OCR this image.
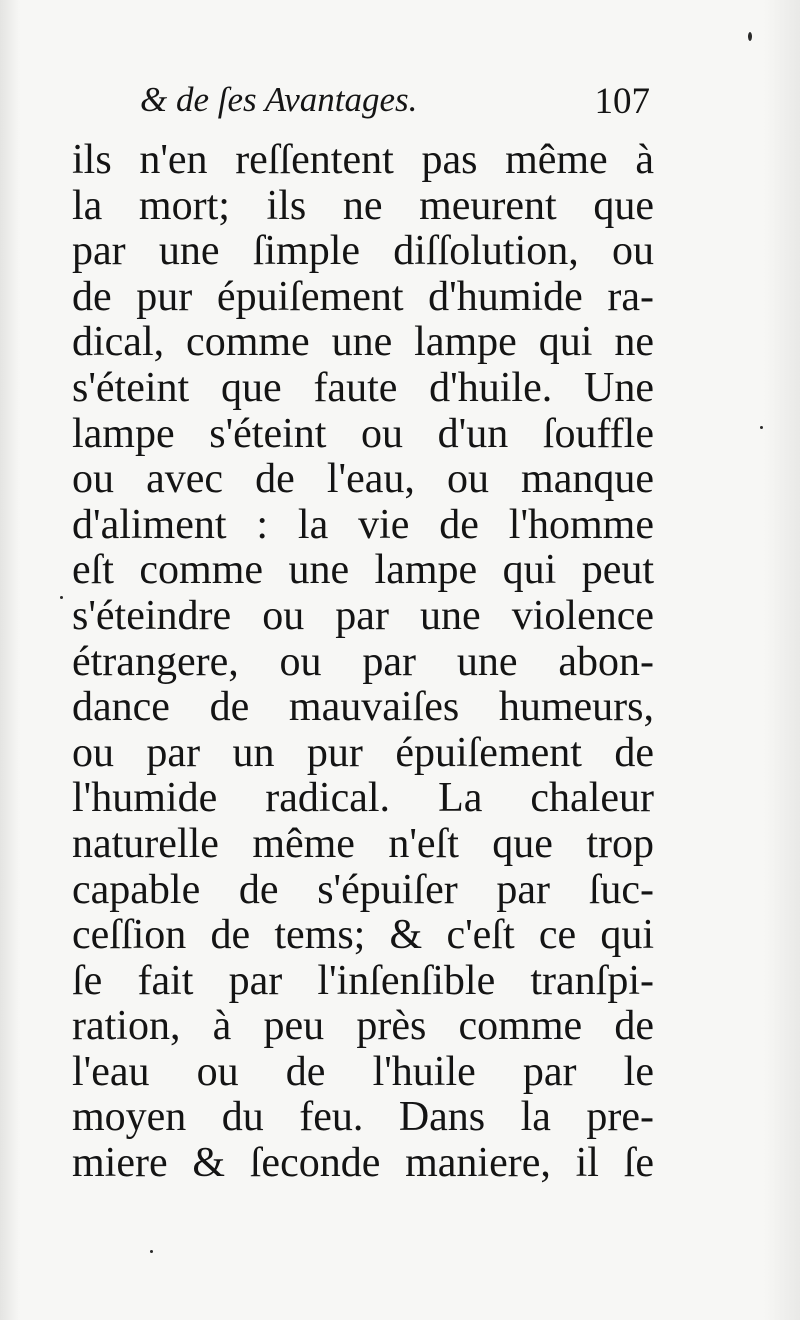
& de ſes Avantages.	107
ils n'en reſſentent pas même à
la mort; ils ne meurent que
par une ſimple diſſolution, ou
de pur épuiſement d'humide ra-
dical, comme une lampe qui ne
s'éteint que faute d'huile. Une
lampe s'éteint ou d'un ſouffle
ou avec de l'eau, ou manque
d'aliment : la vie de l'homme
eſt comme une lampe qui peut
s'éteindre ou par une violence
étrangere, ou par une abon-
dance de mauvaiſes humeurs,
ou par un pur épuiſement de
l'humide radical. La chaleur
naturelle même n'eſt que trop
capable de s'épuiſer par ſuc-
ceſſion de tems; & c'eſt ce qui
ſe fait par l'inſenſible tranſpi-
ration, à peu près comme de
l'eau ou de l'huile par le
moyen du feu. Dans la pre-
miere & ſeconde maniere, il ſe
